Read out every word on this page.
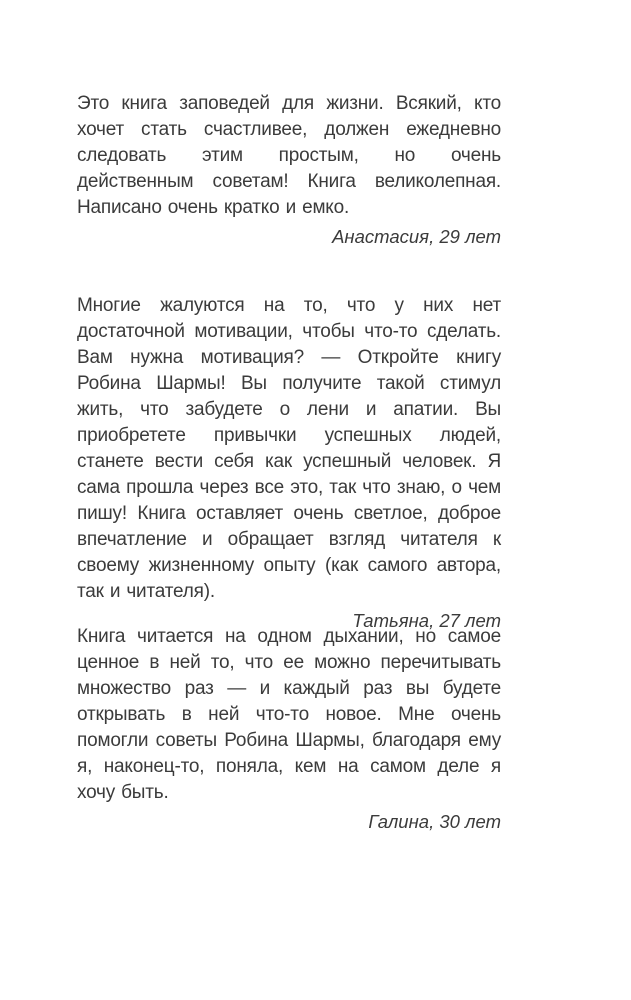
Это книга заповедей для жизни. Всякий, кто хочет стать счастливее, должен ежедневно следовать этим простым, но очень действенным советам! Книга великолепная. Написано очень кратко и емко.

Анастасия, 29 лет

Многие жалуются на то, что у них нет достаточной мотивации, чтобы что-то сделать. Вам нужна мотивация? — Откройте книгу Робина Шармы! Вы получите такой стимул жить, что забудете о лени и апатии. Вы приобретете привычки успешных людей, станете вести себя как успешный человек. Я сама прошла через все это, так что знаю, о чем пишу! Книга оставляет очень светлое, доброе впечатление и обращает взгляд читателя к своему жизненному опыту (как самого автора, так и читателя).

Татьяна, 27 лет

Книга читается на одном дыхании, но самое ценное в ней то, что ее можно перечитывать множество раз — и каждый раз вы будете открывать в ней что-то новое. Мне очень помогли советы Робина Шармы, благодаря ему я, наконец-то, поняла, кем на самом деле я хочу быть.

Галина, 30 лет
